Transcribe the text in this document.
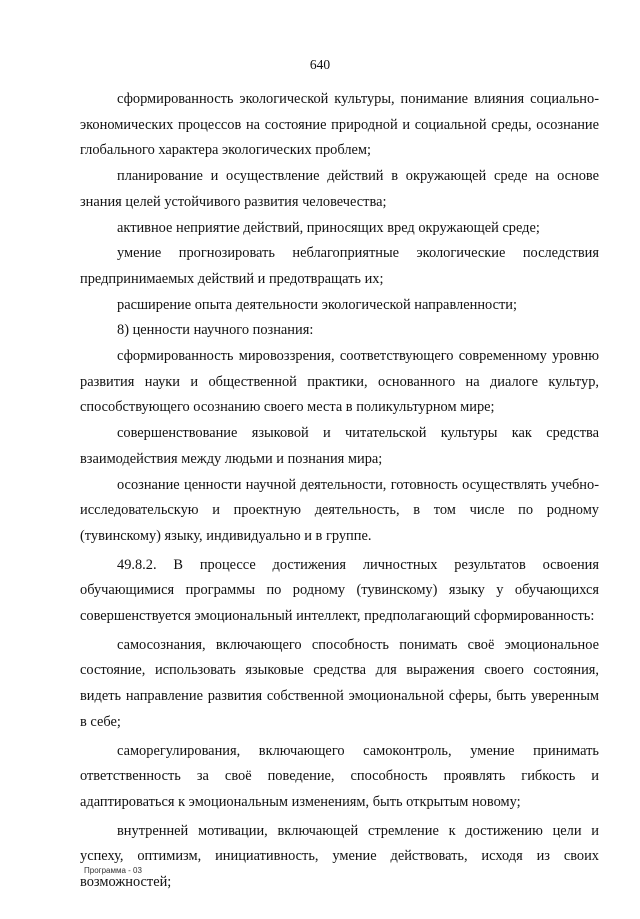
640

сформированность экологической культуры, понимание влияния социально-экономических процессов на состояние природной и социальной среды, осознание глобального характера экологических проблем;

планирование и осуществление действий в окружающей среде на основе знания целей устойчивого развития человечества;

активное неприятие действий, приносящих вред окружающей среде;

умение прогнозировать неблагоприятные экологические последствия предпринимаемых действий и предотвращать их;

расширение опыта деятельности экологической направленности;

8) ценности научного познания:

сформированность мировоззрения, соответствующего современному уровню развития науки и общественной практики, основанного на диалоге культур, способствующего осознанию своего места в поликультурном мире;

совершенствование языковой и читательской культуры как средства взаимодействия между людьми и познания мира;

осознание ценности научной деятельности, готовность осуществлять учебно-исследовательскую и проектную деятельность, в том числе по родному (тувинскому) языку, индивидуально и в группе.

49.8.2. В процессе достижения личностных результатов освоения обучающимися программы по родному (тувинскому) языку у обучающихся совершенствуется эмоциональный интеллект, предполагающий сформированность:

самосознания, включающего способность понимать своё эмоциональное состояние, использовать языковые средства для выражения своего состояния, видеть направление развития собственной эмоциональной сферы, быть уверенным в себе;

саморегулирования, включающего самоконтроль, умение принимать ответственность за своё поведение, способность проявлять гибкость и адаптироваться к эмоциональным изменениям, быть открытым новому;

внутренней мотивации, включающей стремление к достижению цели и успеху, оптимизм, инициативность, умение действовать, исходя из своих возможностей;

Программа - 03
